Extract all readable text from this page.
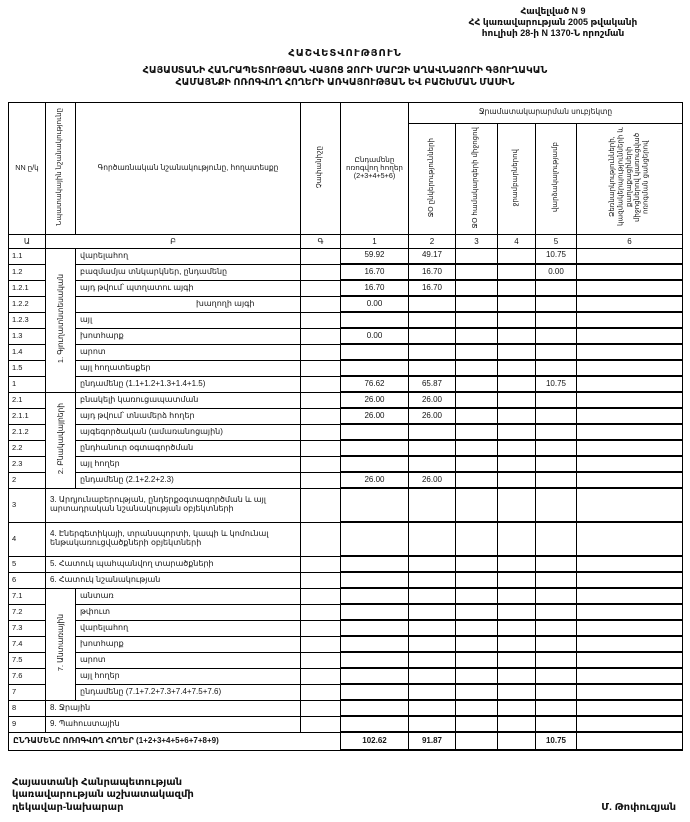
Հավելված N 9
ՀՀ կառավարության 2005 թվականի
հուլիսի 28-ի N 1370-Ն որոշման
ՀԱՇՎԵՏՎՈՒԹՅՈՒՆ
ՀԱՅԱՍՏԱՆԻ ՀԱՆՐԱՊԵՏՈՒԹՅԱՆ ՎԱՅՈՑ ՁՈՐԻ ՄԱՐԶԻ ԱՂԱՎՆԱՁՈՐԻ ԳՅՈՒՂԱԿԱՆ
ՀԱՄԱՅՆՔԻ ՈՌՈԳՎՈՂ ՀՈՂԵՐԻ ԱՌԿԱՅՈՒԹՅԱՆ ԵՎ ԲԱՇԽՄԱՆ ՄԱՍԻՆ
NN ը/կ	Նպատակային նշանակությունը	Գործառնական նշանակությունը, հողատեսքը	Չափանիշը	Ընդամենը ոռոգվող հողեր (2+3+4+5+6)	Ջրամատակարարման սուբյեկտը				
					ՋՕ ընկերությունների	ՋՕ համակարգերի միջոցով	ջրամբարներով	վարձակալությամբ	Ձեռնարկությունների, կազմակերպությունների և քաղաքացիների միջոցներով կառուցված ոռոգման ցանցերով
Ա	Բ		Գ	1	2	3	4	5	6
1.1	1. Գյուղատնտեսական	վարելահող		59.92	49.17			10.75	
1.2		բազմամյա տնկարկներ, ընդամենը		16.70	16.70			0.00	
1.2.1		այդ թվում՝ պտղատու այգի		16.70	16.70				
1.2.2		խաղողի այգի		0.00					
1.2.3		այլ							
1.3		խոտհարք		0.00					
1.4		արոտ							
1.5		այլ հողատեսքեր							
1		ընդամենը (1.1+1.2+1.3+1.4+1.5)		76.62	65.87			10.75	
2.1	2. Բնակավայրերի	բնակելի կառուցապատման		26.00	26.00				
2.1.1		այդ թվում՝ տնամերձ հողեր		26.00	26.00				
2.1.2		այգեգործական (ամառանոցային)							
2.2		ընդհանուր օգտագործման							
2.3		այլ հողեր							
2		ընդամենը (2.1+2.2+2.3)		26.00	26.00				
3	3. Արդյունաբերության, ընդերքօգտագործման և այլ արտադրական նշանակության օբյեկտների								
4	4. Էներգետիկայի, տրանսպորտի, կապի և կոմունալ ենթակառուցվածքների օբյեկտների								
5	5. Հատուկ պահպանվող տարածքների								
6	6. Հատուկ նշանակության								
7.1	7. Անտառային	անտառ							
7.2		թփուտ							
7.3		վարելահող							
7.4		խոտհարք							
7.5		արոտ							
7.6		այլ հողեր							
7		ընդամենը (7.1+7.2+7.3+7.4+7.5+7.6)							
8	8. Ջրային								
9	9. Պահուստային								
ԸՆԴԱՄԵՆԸ ՈՌՈԳՎՈՂ ՀՈՂԵՐ (1+2+3+4+5+6+7+8+9)				102.62	91.87			10.75	
Հայաստանի Հանրապետության
կառավարության աշխատակազմի
ղեկավար-նախարար	Մ. Թոփուզյան
